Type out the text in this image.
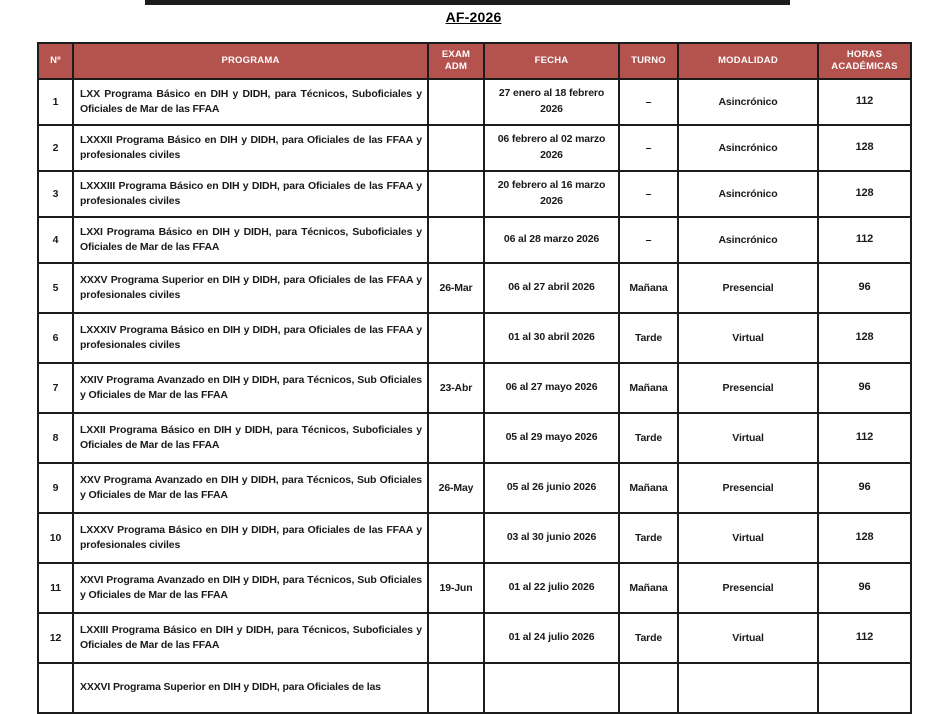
AF-2026
Nº	PROGRAMA	EXAM ADM	FECHA	TURNO	MODALIDAD	HORAS ACADÉMICAS
1	LXX Programa Básico en DIH y DIDH, para Técnicos, Suboficiales y Oficiales de Mar de las FFAA		27 enero al 18 febrero 2026	–	Asincrónico	112
2	LXXXII Programa Básico en DIH y DIDH, para Oficiales de las FFAA y profesionales civiles		06 febrero al 02 marzo 2026	–	Asincrónico	128
3	LXXXIII Programa Básico en DIH y DIDH, para Oficiales de las FFAA y profesionales civiles		20 febrero al 16 marzo 2026	–	Asincrónico	128
4	LXXI Programa Básico en DIH y DIDH, para Técnicos, Suboficiales y Oficiales de Mar de las FFAA		06 al 28 marzo 2026	–	Asincrónico	112
5	XXXV Programa Superior en DIH y DIDH, para Oficiales de las FFAA y profesionales civiles	26-Mar	06 al 27 abril 2026	Mañana	Presencial	96
6	LXXXIV Programa Básico en DIH y DIDH, para Oficiales de las FFAA y profesionales civiles		01 al 30 abril 2026	Tarde	Virtual	128
7	XXIV Programa Avanzado en DIH y DIDH, para Técnicos, Sub Oficiales y Oficiales de Mar de las FFAA	23-Abr	06 al 27 mayo 2026	Mañana	Presencial	96
8	LXXII Programa Básico en DIH y DIDH, para Técnicos, Suboficiales y Oficiales de Mar de las FFAA		05 al 29 mayo 2026	Tarde	Virtual	112
9	XXV Programa Avanzado en DIH y DIDH, para Técnicos, Sub Oficiales y Oficiales de Mar de las FFAA	26-May	05 al 26 junio 2026	Mañana	Presencial	96
10	LXXXV Programa Básico en DIH y DIDH, para Oficiales de las FFAA y profesionales civiles		03 al 30 junio 2026	Tarde	Virtual	128
11	XXVI Programa Avanzado en DIH y DIDH, para Técnicos, Sub Oficiales y Oficiales de Mar de las FFAA	19-Jun	01 al 22 julio 2026	Mañana	Presencial	96
12	LXXIII Programa Básico en DIH y DIDH, para Técnicos, Suboficiales y Oficiales de Mar de las FFAA		01 al 24 julio 2026	Tarde	Virtual	112
	XXXVI Programa Superior en DIH y DIDH, para Oficiales de las					
